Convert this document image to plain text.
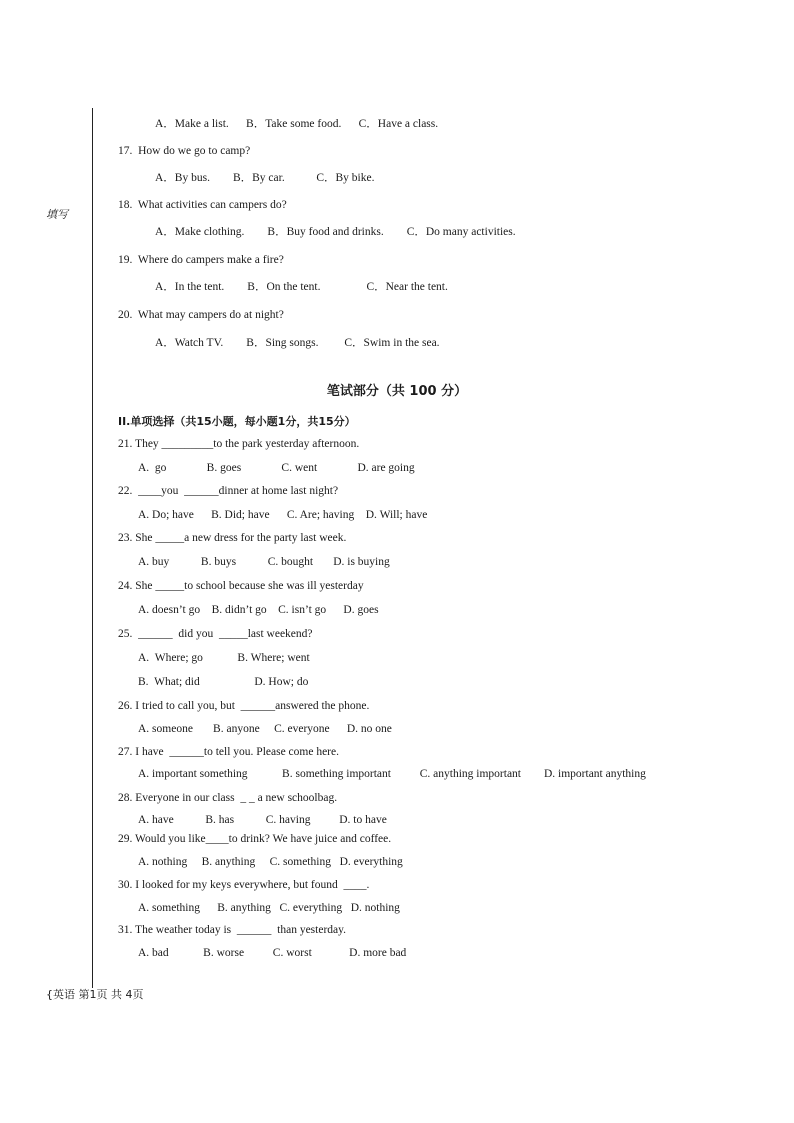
填写
A．Make a list.      B．Take some food.      C．Have a class.
17.  How do we go to camp?
A．By bus.        B．By car.           C．By bike.
18.  What activities can campers do?
A．Make clothing.        B．Buy food and drinks.        C．Do many activities.
19.  Where do campers make a fire?
A．In the tent.        B．On the tent.                C．Near the tent.
20.  What may campers do at night?
A．Watch TV.        B．Sing songs.         C．Swim in the sea.
笔试部分（共 100 分）
II.单项选择（共15小题，每小题1分，共15分）
21. They _________to the park yesterday afternoon.
A.  go              B. goes              C. went              D. are going
22.  ____you  ______dinner at home last night?
A. Do; have      B. Did; have      C. Are; having    D. Will; have
23. She _____a new dress for the party last week.
A. buy           B. buys           C. bought       D. is buying
24. She _____to school because she was ill yesterday
A. doesn’t go    B. didn’t go    C. isn’t go      D. goes
25.  ______  did you  _____last weekend?
A.  Where; go            B. Where; went
B.  What; did                   D. How; do
26. I tried to call you, but  ______answered the phone.
A. someone       B. anyone     C. everyone      D. no one
27. I have  ______to tell you. Please come here.
A. important something            B. something important          C. anything important        D. important anything
28. Everyone in our class  _ _ a new schoolbag.
A. have           B. has           C. having          D. to have
29. Would you like____to drink? We have juice and coffee.
A. nothing     B. anything     C. something   D. everything
30. I looked for my keys everywhere, but found  ____.
A. something      B. anything   C. everything   D. nothing
31. The weather today is  ______  than yesterday.
A. bad            B. worse          C. worst             D. more bad
{英语 第1页 共 4页
